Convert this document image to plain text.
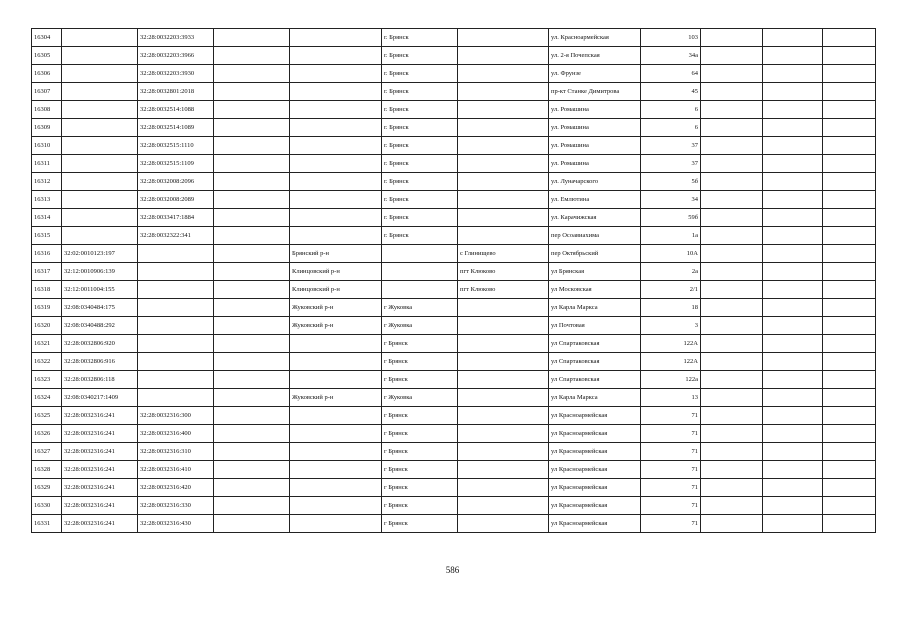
16304		32:28:0032203:3933			г. Брянск		ул. Красноармейская	103			
16305		32:28:0032203:3966			г. Брянск		ул. 2-я Почепская	34а			
16306		32:28:0032203:3930			г. Брянск		ул. Фрунзе	64			
16307		32:28:0032801:2018			г. Брянск		пр-кт Станке Димитрова	45			
16308		32:28:0032514:1088			г. Брянск		ул. Ромашина	6			
16309		32:28:0032514:1089			г. Брянск		ул. Ромашина	6			
16310		32:28:0032515:1110			г. Брянск		ул. Ромашина	37			
16311		32:28:0032515:1109			г. Брянск		ул. Ромашина	37			
16312		32:28:0032008:2096			г. Брянск		ул. Луначарского	5б			
16313		32:28:0032008:2089			г. Брянск		ул. Емлютина	34			
16314		32:28:0033417:1884			г. Брянск		ул. Карачижская	59б			
16315		32:28:0032322:341			г. Брянск		пер Осоавиахима	1а			
16316	32:02:0010123:197			Брянский р-н		с Глинищево	пер Октябрьский	10А			
16317	32:12:0010906:139			Клинцовский р-н		пгт Клюково	ул Брянская	2а			
16318	32:12:0011004:155			Клинцовский р-н		пгт Клюково	ул Московская	2/1			
16319	32:08:0340484:175			Жуковский р-н	г Жуковка		ул Карла Маркса	18			
16320	32:08:0340488:292			Жуковский р-н	г Жуковка		ул Почтовая	3			
16321	32:28:0032806:920				г Брянск		ул Спартаковская	122А			
16322	32:28:0032806:916				г Брянск		ул Спартаковская	122А			
16323	32:28:0032806:118				г Брянск		ул Спартаковская	122а			
16324	32:08:0340217:1409			Жуковский р-н	г Жуковка		ул Карла Маркса	13			
16325	32:28:0032316:241	32:28:0032316:300			г Брянск		ул Красноармейская	71			
16326	32:28:0032316:241	32:28:0032316:400			г Брянск		ул Красноармейская	71			
16327	32:28:0032316:241	32:28:0032316:310			г Брянск		ул Красноармейская	71			
16328	32:28:0032316:241	32:28:0032316:410			г Брянск		ул Красноармейская	71			
16329	32:28:0032316:241	32:28:0032316:420			г Брянск		ул Красноармейская	71			
16330	32:28:0032316:241	32:28:0032316:330			г Брянск		ул Красноармейская	71			
16331	32:28:0032316:241	32:28:0032316:430			г Брянск		ул Красноармейская	71			
586
